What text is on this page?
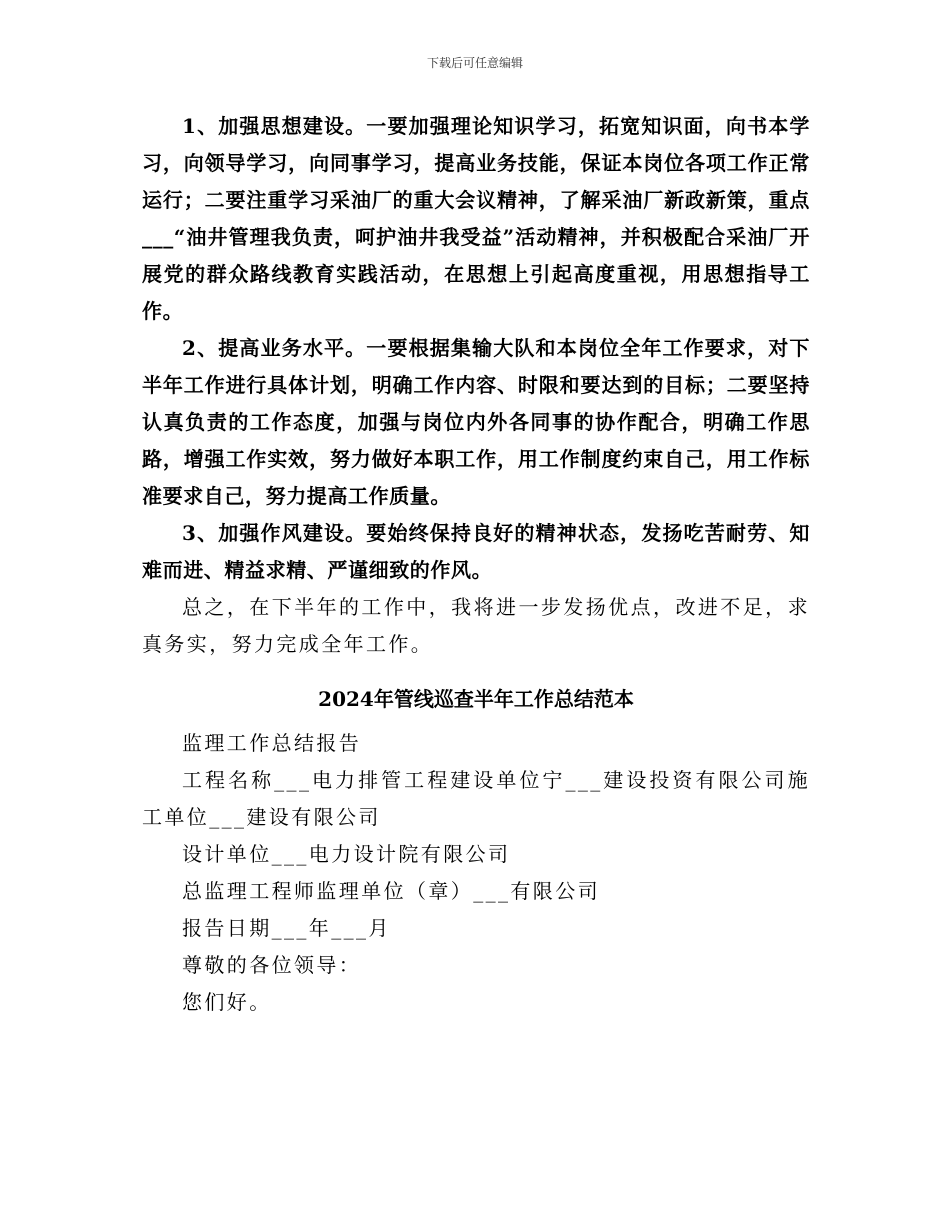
下载后可任意编辑

1、加强思想建设。一要加强理论知识学习，拓宽知识面，向书本学习，向领导学习，向同事学习，提高业务技能，保证本岗位各项工作正常运行；二要注重学习采油厂的重大会议精神，了解采油厂新政新策，重点___“油井管理我负责，呵护油井我受益”活动精神，并积极配合采油厂开展党的群众路线教育实践活动，在思想上引起高度重视，用思想指导工作。

2、提高业务水平。一要根据集输大队和本岗位全年工作要求，对下半年工作进行具体计划，明确工作内容、时限和要达到的目标；二要坚持认真负责的工作态度，加强与岗位内外各同事的协作配合，明确工作思路，增强工作实效，努力做好本职工作，用工作制度约束自己，用工作标准要求自己，努力提高工作质量。

3、加强作风建设。要始终保持良好的精神状态，发扬吃苦耐劳、知难而进、精益求精、严谨细致的作风。

总之，在下半年的工作中，我将进一步发扬优点，改进不足，求真务实，努力完成全年工作。

2024年管线巡查半年工作总结范本

监理工作总结报告

工程名称___电力排管工程建设单位宁___建设投资有限公司施工单位___建设有限公司

设计单位___电力设计院有限公司

总监理工程师监理单位（章）___有限公司

报告日期___年___月

尊敬的各位领导：

您们好。
